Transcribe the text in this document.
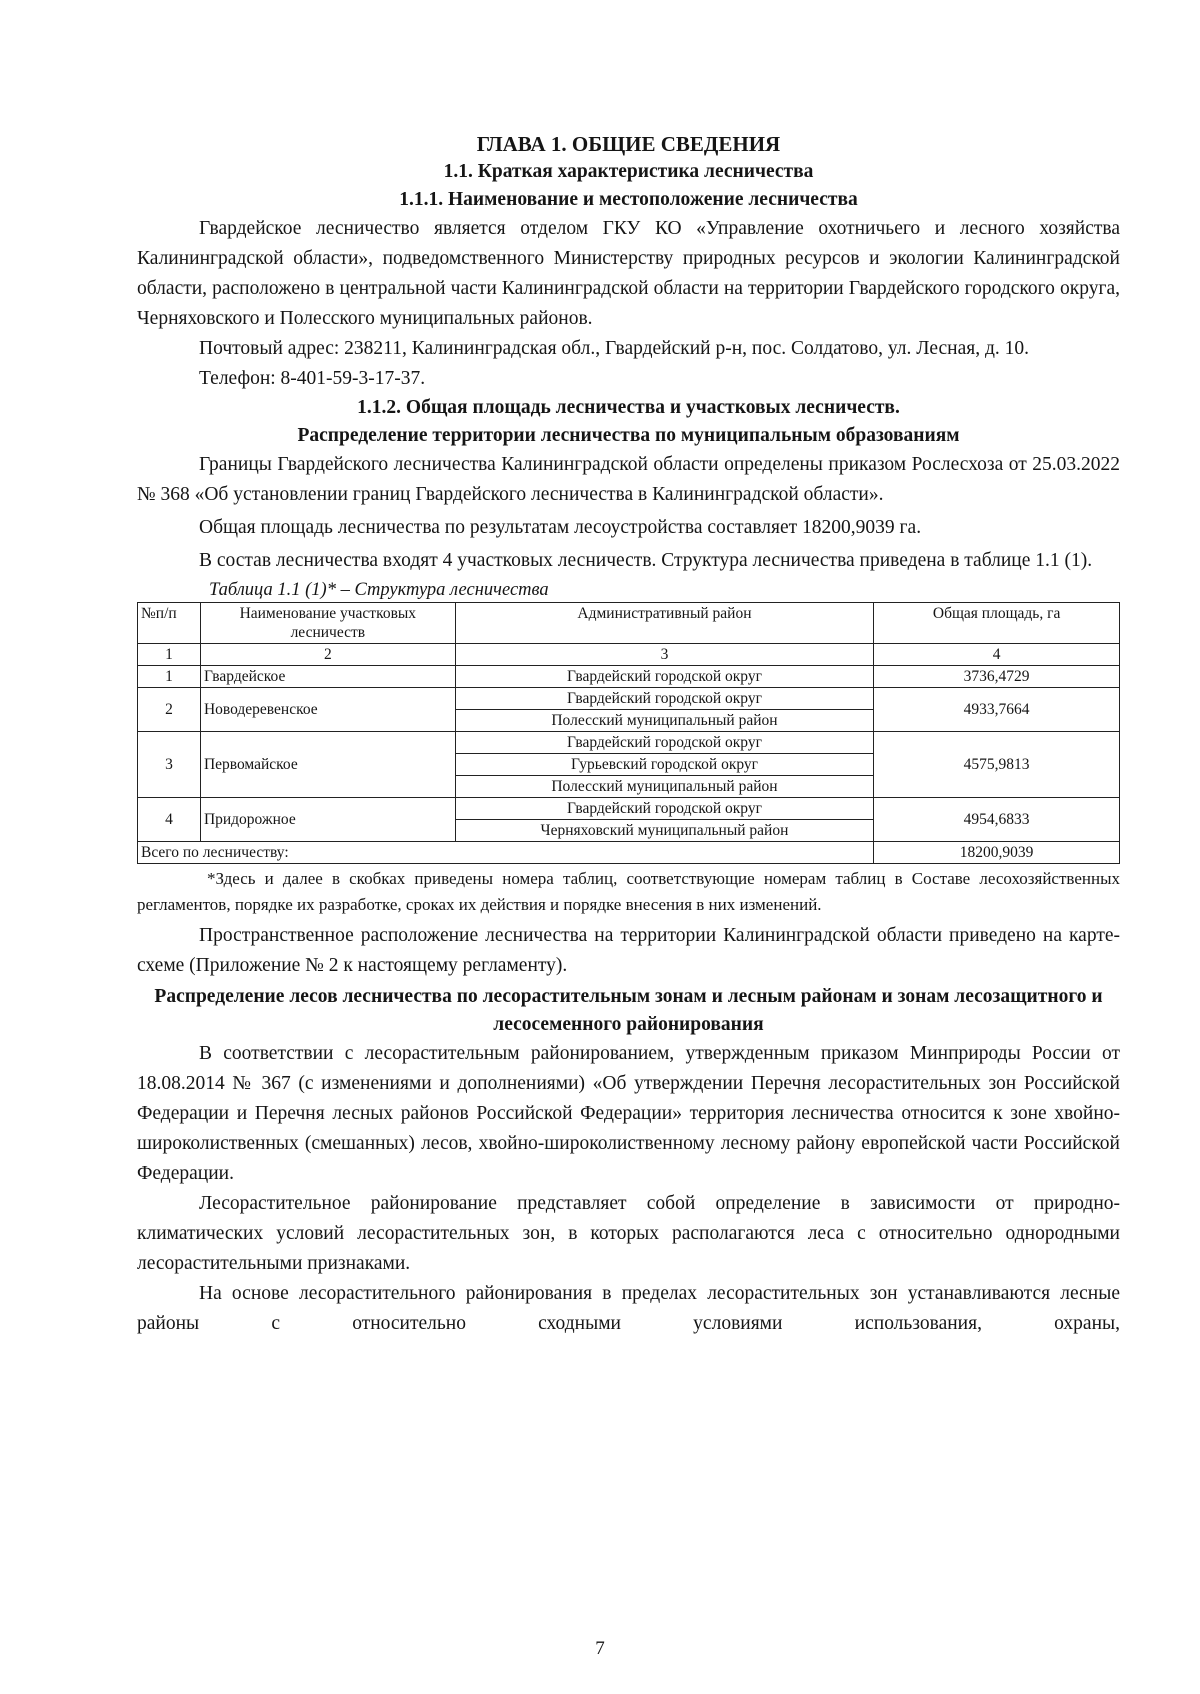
ГЛАВА 1. ОБЩИЕ СВЕДЕНИЯ

1.1. Краткая характеристика лесничества

1.1.1. Наименование и местоположение лесничества

Гвардейское лесничество является отделом ГКУ КО «Управление охотничьего и лесного хозяйства Калининградской области», подведомственного Министерству природных ресурсов и экологии Калининградской области, расположено в центральной части Калининградской области на территории Гвардейского городского округа, Черняховского и Полесского муниципальных районов.

Почтовый адрес: 238211, Калининградская обл., Гвардейский р-н, пос. Солдатово, ул. Лесная, д. 10.

Телефон: 8-401-59-3-17-37.

1.1.2. Общая площадь лесничества и участковых лесничеств.

Распределение территории лесничества по муниципальным образованиям

Границы Гвардейского лесничества Калининградской области определены приказом Рослесхоза от 25.03.2022 № 368 «Об установлении границ Гвардейского лесничества в Калининградской области».

Общая площадь лесничества по результатам лесоустройства составляет 18200,9039 га.

В состав лесничества входят 4 участковых лесничеств. Структура лесничества приведена в таблице 1.1 (1).

Таблица 1.1 (1)* – Структура лесничества

№п/п	Наименование участковых лесничеств	Административный район	Общая площадь, га
1	2	3	4
1	Гвардейское	Гвардейский городской округ	3736,4729
2	Новодеревенское	Гвардейский городской округ	4933,7664
		Полесский муниципальный район	
3	Первомайское	Гвардейский городской округ	4575,9813
		Гурьевский городской округ	
		Полесский муниципальный район	
4	Придорожное	Гвардейский городской округ	4954,6833
		Черняховский муниципальный район	
Всего по лесничеству:			18200,9039

*Здесь и далее в скобках приведены номера таблиц, соответствующие номерам таблиц в Составе лесохозяйственных регламентов, порядке их разработке, сроках их действия и порядке внесения в них изменений.

Пространственное расположение лесничества на территории Калининградской области приведено на карте-схеме (Приложение № 2 к настоящему регламенту).

Распределение лесов лесничества по лесорастительным зонам и лесным районам и зонам лесозащитного и лесосеменного районирования

В соответствии с лесорастительным районированием, утвержденным приказом Минприроды России от 18.08.2014 № 367 (с изменениями и дополнениями) «Об утверждении Перечня лесорастительных зон Российской Федерации и Перечня лесных районов Российской Федерации» территория лесничества относится к зоне хвойно-широколиственных (смешанных) лесов, хвойно-широколиственному лесному району европейской части Российской Федерации.

Лесорастительное районирование представляет собой определение в зависимости от природно-климатических условий лесорастительных зон, в которых располагаются леса с относительно однородными лесорастительными признаками.

На основе лесорастительного районирования в пределах лесорастительных зон устанавливаются лесные районы с относительно сходными условиями использования, охраны,

7
